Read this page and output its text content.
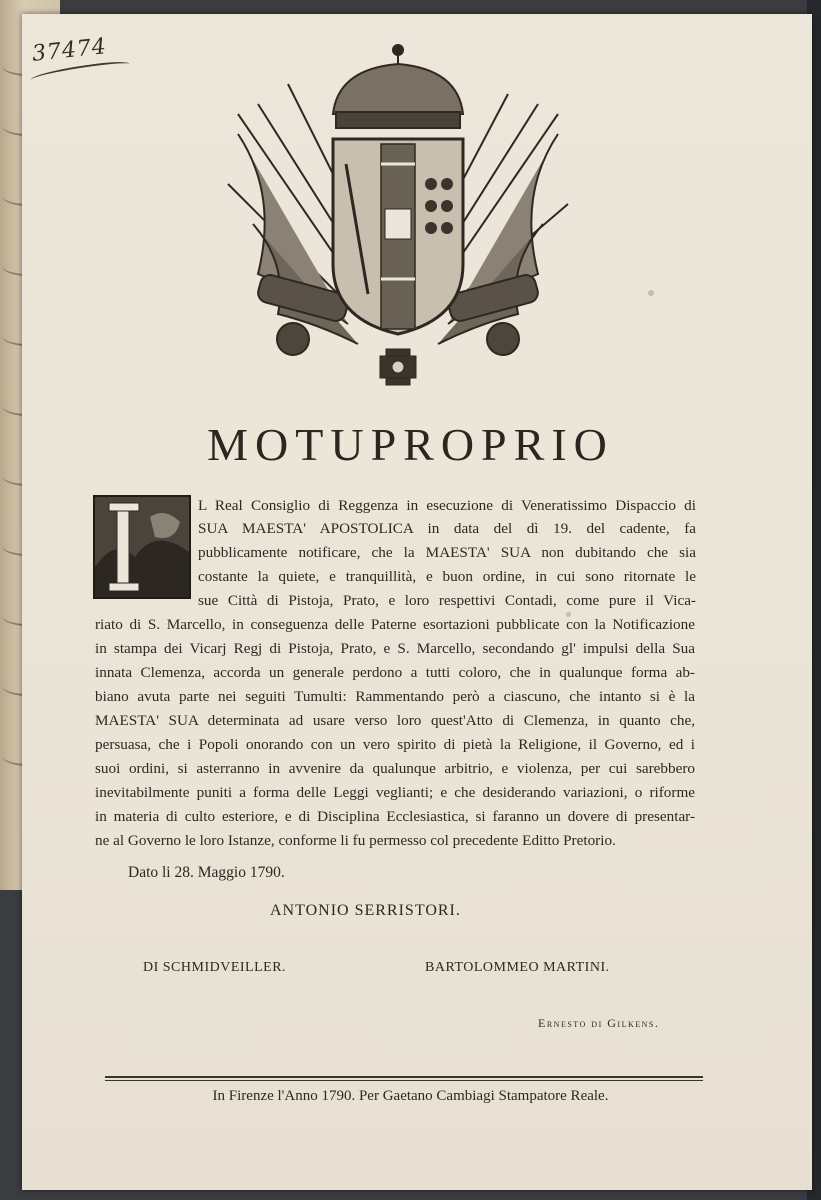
37474
MOTUPROPRIO
L Real Consiglio di Reggenza in esecuzione di Veneratissimo Dispaccio di
SUA MAESTA' APOSTOLICA in data del dì 19. del cadente, fa
pubblicamente notificare, che la MAESTA' SUA non dubitando che sia
costante la quiete, e tranquillità, e buon ordine, in cui sono ritornate le
sue Città di Pistoja, Prato, e loro respettivi Contadi, come pure il Vica-
riato di S. Marcello, in conseguenza delle Paterne esortazioni pubblicate con la Notificazione
in stampa dei Vicarj Regj di Pistoja, Prato, e S. Marcello, secondando gl' impulsi della Sua
innata Clemenza, accorda un generale perdono a tutti coloro, che in qualunque forma ab-
biano avuta parte nei seguiti Tumulti: Rammentando però a ciascuno, che intanto si è la
MAESTA' SUA determinata ad usare verso loro quest'Atto di Clemenza, in quanto che,
persuasa, che i Popoli onorando con un vero spirito di pietà la Religione, il Governo, ed i
suoi ordini, si asterranno in avvenire da qualunque arbitrio, e violenza, per cui sarebbero
inevitabilmente puniti a forma delle Leggi veglianti; e che desiderando variazioni, o riforme
in materia di culto esteriore, e di Disciplina Ecclesiastica, si faranno un dovere di presentar-
ne al Governo le loro Istanze, conforme li fu permesso col precedente Editto Pretorio.
Dato li 28. Maggio 1790.
ANTONIO SERRISTORI.
DI SCHMIDVEILLER.	BARTOLOMMEO MARTINI.
Ernesto di Gilkens.
In Firenze l'Anno 1790. Per Gaetano Cambiagi Stampatore Reale.
